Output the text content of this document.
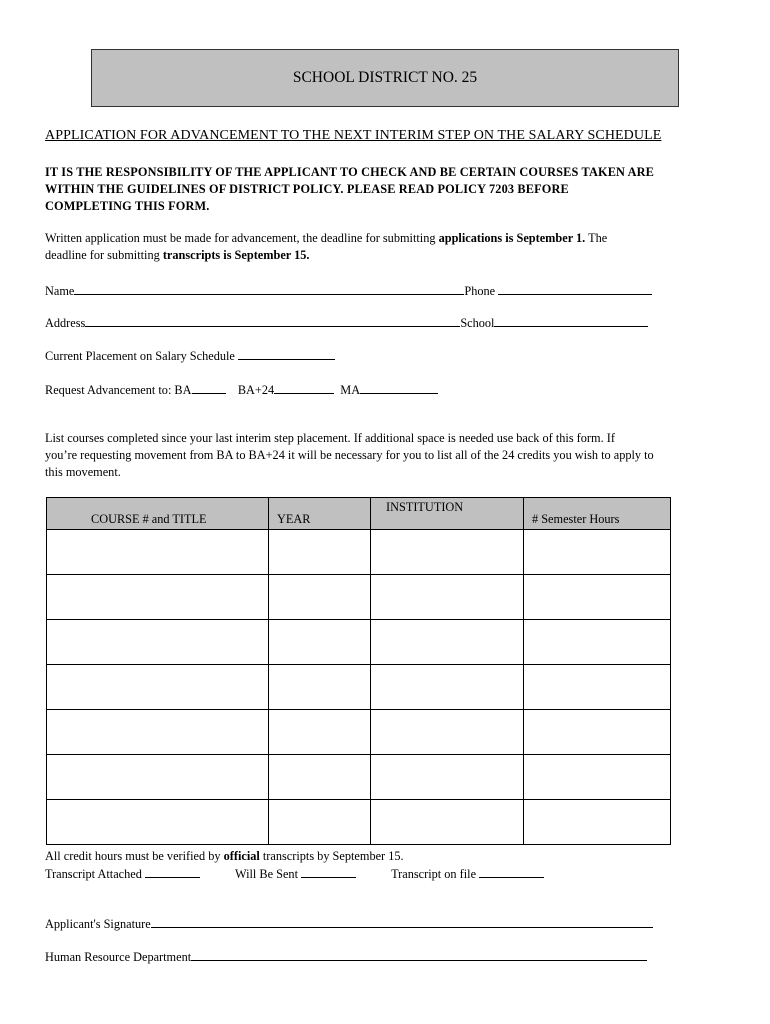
SCHOOL DISTRICT NO. 25
APPLICATION FOR ADVANCEMENT TO THE NEXT INTERIM STEP ON THE SALARY SCHEDULE
IT IS THE RESPONSIBILITY OF THE APPLICANT TO CHECK AND BE CERTAIN COURSES TAKEN ARE
WITHIN THE GUIDELINES OF DISTRICT POLICY. PLEASE READ POLICY 7203 BEFORE
COMPLETING THIS FORM.
Written application must be made for advancement, the deadline for submitting applications is September 1. The
deadline for submitting transcripts is September 15.
Name	Phone
Address	School
Current Placement on Salary Schedule
Request Advancement to: BA	BA+24	MA
List courses completed since your last interim step placement. If additional space is needed use back of this form. If
you’re requesting movement from BA to BA+24 it will be necessary for you to list all of the 24 credits you wish to apply to
this movement.
COURSE # and TITLE	YEAR	INSTITUTION	# Semester Hours

All credit hours must be verified by official transcripts by September 15.
Transcript Attached	Will Be Sent	Transcript on file
Applicant's Signature
Human Resource Department
